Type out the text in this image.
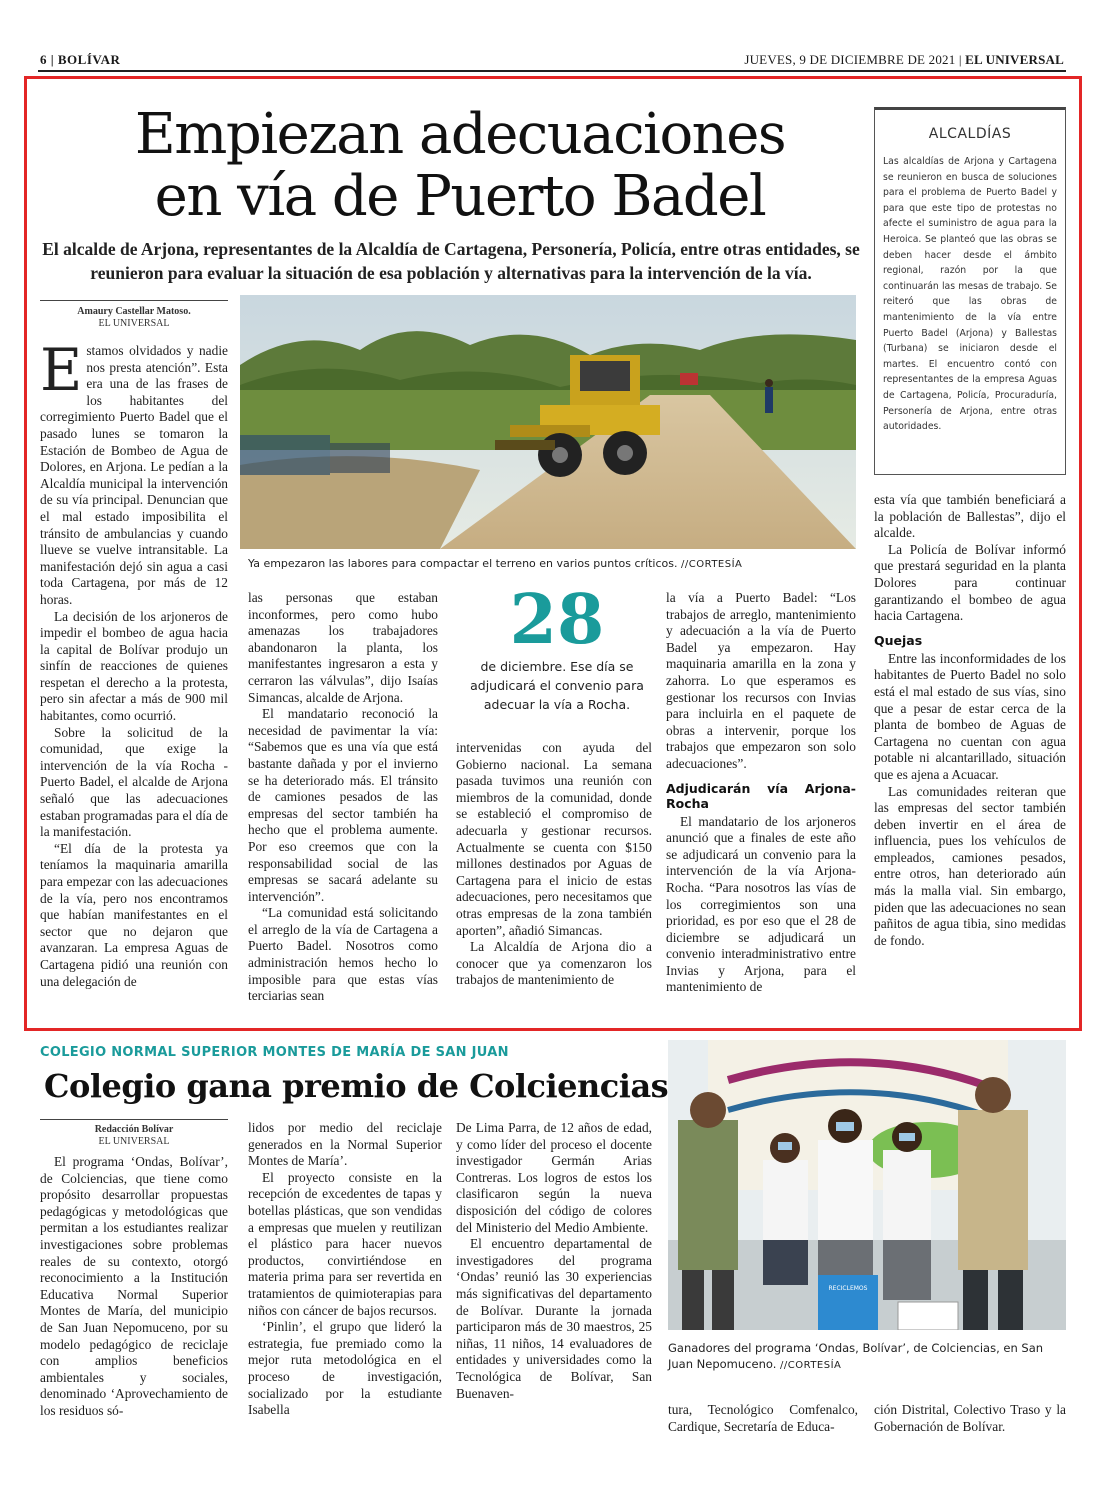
6 | BOLÍVAR	JUEVES, 9 DE DICIEMBRE DE 2021 | EL UNIVERSAL
Empiezan adecuaciones
en vía de Puerto Badel
El alcalde de Arjona, representantes de la Alcaldía de Cartagena, Personería, Policía, entre otras entidades, se reunieron para evaluar la situación de esa población y alternativas para la intervención de la vía.
ALCALDÍAS
Las alcaldías de Arjona y Cartagena se reunieron en busca de soluciones para el problema de Puerto Badel y para que este tipo de protestas no afecte el suministro de agua para la Heroica. Se planteó que las obras se deben hacer desde el ámbito regional, razón por la que continuarán las mesas de trabajo. Se reiteró que las obras de mantenimiento de la vía entre Puerto Badel (Arjona) y Ballestas (Turbana) se iniciaron desde el martes. El encuentro contó con representantes de la empresa Aguas de Cartagena, Policía, Procuraduría, Personería de Arjona, entre otras autoridades.
Amaury Castellar Matoso.
EL UNIVERSAL
Ya empezaron las labores para compactar el terreno en varios puntos críticos. //CORTESÍA

Estamos olvidados y nadie nos presta atención”. Esta era una de las frases de los habitantes del corregimiento Puerto Badel que el pasado lunes se tomaron la Estación de Bombeo de Agua de Dolores, en Arjona. Le pedían a la Alcaldía municipal la intervención de su vía principal. Denuncian que el mal estado imposibilita el tránsito de ambulancias y cuando llueve se vuelve intransitable. La manifestación dejó sin agua a casi toda Cartagena, por más de 12 horas.

La decisión de los arjoneros de impedir el bombeo de agua hacia la capital de Bolívar produjo un sinfín de reacciones de quienes respetan el derecho a la protesta, pero sin afectar a más de 900 mil habitantes, como ocurrió.

Sobre la solicitud de la comunidad, que exige la intervención de la vía Rocha - Puerto Badel, el alcalde de Arjona señaló que las adecuaciones estaban programadas para el día de la manifestación.

“El día de la protesta ya teníamos la maquinaria amarilla para empezar con las adecuaciones de la vía, pero nos encontramos que habían manifestantes en el sector que no dejaron que avanzaran. La empresa Aguas de Cartagena pidió una reunión con una delegación de

las personas que estaban inconformes, pero como hubo amenazas los trabajadores abandonaron la planta, los manifestantes ingresaron a esta y cerraron las válvulas”, dijo Isaías Simancas, alcalde de Arjona.

El mandatario reconoció la necesidad de pavimentar la vía: “Sabemos que es una vía que está bastante dañada y por el invierno se ha deteriorado más. El tránsito de camiones pesados de las empresas del sector también ha hecho que el problema aumente. Por eso creemos que con la responsabilidad social de las empresas se sacará adelante su intervención”.

“La comunidad está solicitando el arreglo de la vía de Cartagena a Puerto Badel. Nosotros como administración hemos hecho lo imposible para que estas vías terciarias sean

28
de diciembre. Ese día se adjudicará el convenio para adecuar la vía a Rocha.

intervenidas con ayuda del Gobierno nacional. La semana pasada tuvimos una reunión con miembros de la comunidad, donde se estableció el compromiso de adecuarla y gestionar recursos. Actualmente se cuenta con $150 millones destinados por Aguas de Cartagena para el inicio de estas adecuaciones, pero necesitamos que otras empresas de la zona también aporten”, añadió Simancas.

La Alcaldía de Arjona dio a conocer que ya comenzaron los trabajos de mantenimiento de

la vía a Puerto Badel: “Los trabajos de arreglo, mantenimiento y adecuación a la vía de Puerto Badel ya empezaron. Hay maquinaria amarilla en la zona y zahorra. Lo que esperamos es gestionar los recursos con Invias para incluirla en el paquete de obras a intervenir, porque los trabajos que empezaron son solo adecuaciones”.

Adjudicarán vía Arjona-Rocha

El mandatario de los arjoneros anunció que a finales de este año se adjudicará un convenio para la intervención de la vía Arjona-Rocha. “Para nosotros las vías de los corregimientos son una prioridad, es por eso que el 28 de diciembre se adjudicará un convenio interadministrativo entre Invias y Arjona, para el mantenimiento de

esta vía que también beneficiará a la población de Ballestas”, dijo el alcalde.

La Policía de Bolívar informó que prestará seguridad en la planta Dolores para continuar garantizando el bombeo de agua hacia Cartagena.

Quejas

Entre las inconformidades de los habitantes de Puerto Badel no solo está el mal estado de sus vías, sino que a pesar de estar cerca de la planta de bombeo de Aguas de Cartagena no cuentan con agua potable ni alcantarillado, situación que es ajena a Acuacar.

Las comunidades reiteran que las empresas del sector también deben invertir en el área de influencia, pues los vehículos de empleados, camiones pesados, entre otros, han deteriorado aún más la malla vial. Sin embargo, piden que las adecuaciones no sean pañitos de agua tibia, sino medidas de fondo.

COLEGIO NORMAL SUPERIOR MONTES DE MARÍA DE SAN JUAN
Colegio gana premio de Colciencias
Redacción Bolívar
EL UNIVERSAL

El programa ‘Ondas, Bolívar’, de Colciencias, que tiene como propósito desarrollar propuestas pedagógicas y metodológicas que permitan a los estudiantes realizar investigaciones sobre problemas reales de su contexto, otorgó reconocimiento a la Institución Educativa Normal Superior Montes de María, del municipio de San Juan Nepomuceno, por su modelo pedagógico de reciclaje con amplios beneficios ambientales y sociales, denominado ‘Aprovechamiento de los residuos só-

lidos por medio del reciclaje generados en la Normal Superior Montes de María’.

El proyecto consiste en la recepción de excedentes de tapas y botellas plásticas, que son vendidas a empresas que muelen y reutilizan el plástico para hacer nuevos productos, convirtiéndose en materia prima para ser revertida en tratamientos de quimioterapias para niños con cáncer de bajos recursos.

‘Pinlin’, el grupo que lideró la estrategia, fue premiado como la mejor ruta metodológica en el proceso de investigación, socializado por la estudiante Isabella

De Lima Parra, de 12 años de edad, y como líder del proceso el docente investigador Germán Arias Contreras. Los logros de estos los clasificaron según la nueva disposición del código de colores del Ministerio del Medio Ambiente.

El encuentro departamental de investigadores del programa ‘Ondas’ reunió las 30 experiencias más significativas del departamento de Bolívar. Durante la jornada participaron más de 30 maestros, 25 niñas, 11 niños, 14 evaluadores de entidades y universidades como la Tecnológica de Bolívar, San Buenaven-

tura, Tecnológico Comfenalco, Cardique, Secretaría de Educa-

ción Distrital, Colectivo Traso y la Gobernación de Bolívar.

RECICLEMOS
Ganadores del programa ‘Ondas, Bolívar’, de Colciencias, en San Juan Nepomuceno. //CORTESÍA
